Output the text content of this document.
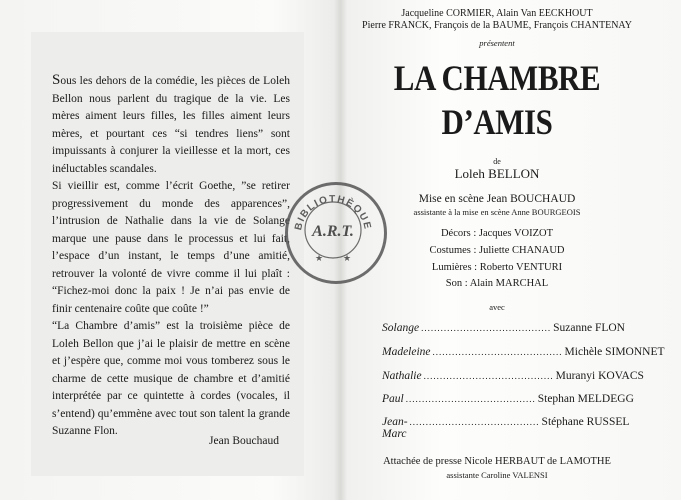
Sous les dehors de la comédie, les pièces de Loleh Bellon nous parlent du tragique de la vie. Les mères aiment leurs filles, les filles aiment leurs mères, et pourtant ces “si tendres liens” sont impuissants à conjurer la vieillesse et la mort, ces inéluctables scandales.

Si vieillir est, comme l’écrit Goethe, ”se retirer progressivement du monde des apparences”, l’intrusion de Nathalie dans la vie de Solange marque une pause dans le processus et lui fait, l’espace d’un instant, le temps d’une amitié, retrouver la volonté de vivre comme il lui plaît : “Fichez-moi donc la paix ! Je n’ai pas envie de finir centenaire coûte que coûte !”

“La Chambre d’amis” est la troisième pièce de Loleh Bellon que j’ai le plaisir de mettre en scène et j’espère que, comme moi vous tomberez sous le charme de cette musique de chambre et d’amitié interprétée par ce quintette à cordes (vocales, il s’entend) qu’emmène avec tout son talent la grande Suzanne Flon.

Jean Bouchaud
Jacqueline CORMIER, Alain Van EECKHOUT
Pierre FRANCK, François de la BAUME, François CHANTENAY
présentent
LA CHAMBRE
D’AMIS
de
Loleh BELLON
Mise en scène Jean BOUCHAUD
assistante à la mise en scène Anne BOURGEOIS
Décors : Jacques VOIZOT
Costumes : Juliette CHANAUD
Lumières : Roberto VENTURI
Son : Alain MARCHAL
avec
Solange ........................................ Suzanne FLON
Madeleine ........................................ Michèle SIMONNET
Nathalie ........................................ Muranyi KOVACS
Paul ........................................ Stephan MELDEGG
Jean-Marc
........................................ Stéphane RUSSEL
Attachée de presse Nicole HERBAUT de LAMOTHE
assistante Caroline VALENSI
BIBLIOTHÈQUE
A.R.T.
★ ★
